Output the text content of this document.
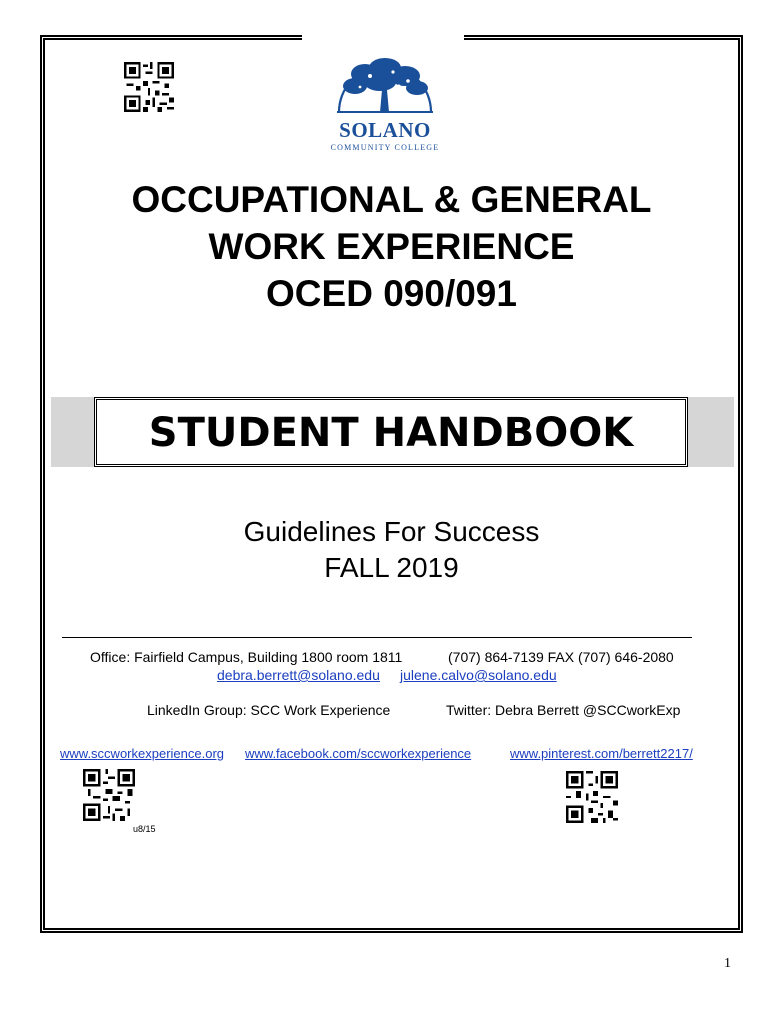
SOLANO
COMMUNITY COLLEGE
OCCUPATIONAL & GENERAL
WORK EXPERIENCE
OCED 090/091
STUDENT HANDBOOK
Guidelines For Success
FALL 2019
Office: Fairfield Campus, Building 1800 room 1811	(707) 864-7139 FAX (707) 646-2080
debra.berrett@solano.edu julene.calvo@solano.edu
LinkedIn Group: SCC Work Experience	Twitter: Debra Berrett @SCCworkExp
www.sccworkexperience.org www.facebook.com/sccworkexperience	www.pinterest.com/berrett2217/
u8/15
1
